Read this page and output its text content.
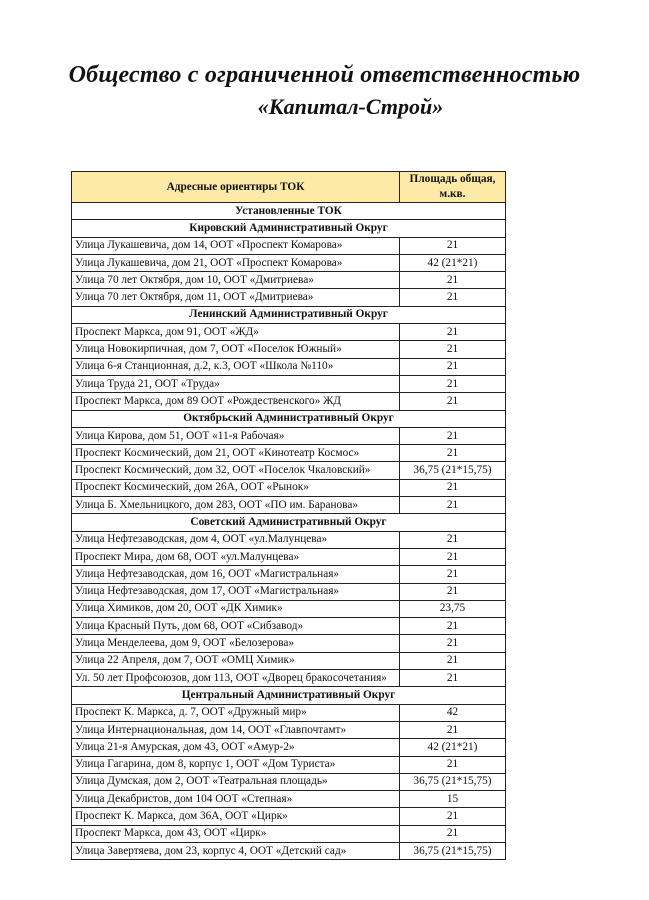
Общество с ограниченной ответственностью
«Капитал-Строй»
Адресные ориентиры ТОК	Площадь общая, м.кв.
Установленные ТОК	
Кировский Административный Округ	
Улица Лукашевича, дом 14, ООТ «Проспект Комарова»	21
Улица Лукашевича, дом 21, ООТ «Проспект Комарова»	42 (21*21)
Улица 70 лет Октября, дом 10, ООТ «Дмитриева»	21
Улица 70 лет Октября, дом 11, ООТ «Дмитриева»	21
Ленинский Административный Округ	
Проспект Маркса, дом 91, ООТ «ЖД»	21
Улица Новокирпичная, дом 7, ООТ «Поселок Южный»	21
Улица 6-я Станционная, д.2, к.3, ООТ «Школа №110»	21
Улица Труда 21, ООТ «Труда»	21
Проспект Маркса, дом 89 ООТ «Рождественского» ЖД	21
Октябрьский Административный Округ	
Улица Кирова, дом 51, ООТ «11-я Рабочая»	21
Проспект Космический, дом 21, ООТ «Кинотеатр Космос»	21
Проспект Космический, дом 32, ООТ «Поселок Чкаловский»	36,75 (21*15,75)
Проспект Космический, дом 26А, ООТ «Рынок»	21
Улица Б. Хмельницкого, дом 283, ООТ «ПО им. Баранова»	21
Советский Административный Округ	
Улица Нефтезаводская, дом 4, ООТ «ул.Малунцева»	21
Проспект Мира, дом 68, ООТ «ул.Малунцева»	21
Улица Нефтезаводская, дом 16, ООТ «Магистральная»	21
Улица Нефтезаводская, дом 17, ООТ «Магистральная»	21
Улица Химиков, дом 20, ООТ «ДК Химик»	23,75
Улица Красный Путь, дом 68, ООТ «Сибзавод»	21
Улица Менделеева, дом 9, ООТ «Белозерова»	21
Улица 22 Апреля, дом 7, ООТ «ОМЦ Химик»	21
Ул. 50 лет Профсоюзов, дом 113, ООТ «Дворец бракосочетания»	21
Центральный Административный Округ	
Проспект К. Маркса, д. 7, ООТ «Дружный мир»	42
Улица Интернациональная, дом 14, ООТ «Главпочтамт»	21
Улица 21-я Амурская, дом 43, ООТ «Амур-2»	42 (21*21)
Улица Гагарина, дом 8, корпус 1, ООТ «Дом Туриста»	21
Улица Думская, дом 2, ООТ «Театральная площадь»	36,75 (21*15,75)
Улица Декабристов, дом 104 ООТ «Степная»	15
Проспект К. Маркса, дом 36А, ООТ «Цирк»	21
Проспект Маркса, дом 43, ООТ «Цирк»	21
Улица Завертяева, дом 23, корпус 4, ООТ «Детский сад»	36,75 (21*15,75)
